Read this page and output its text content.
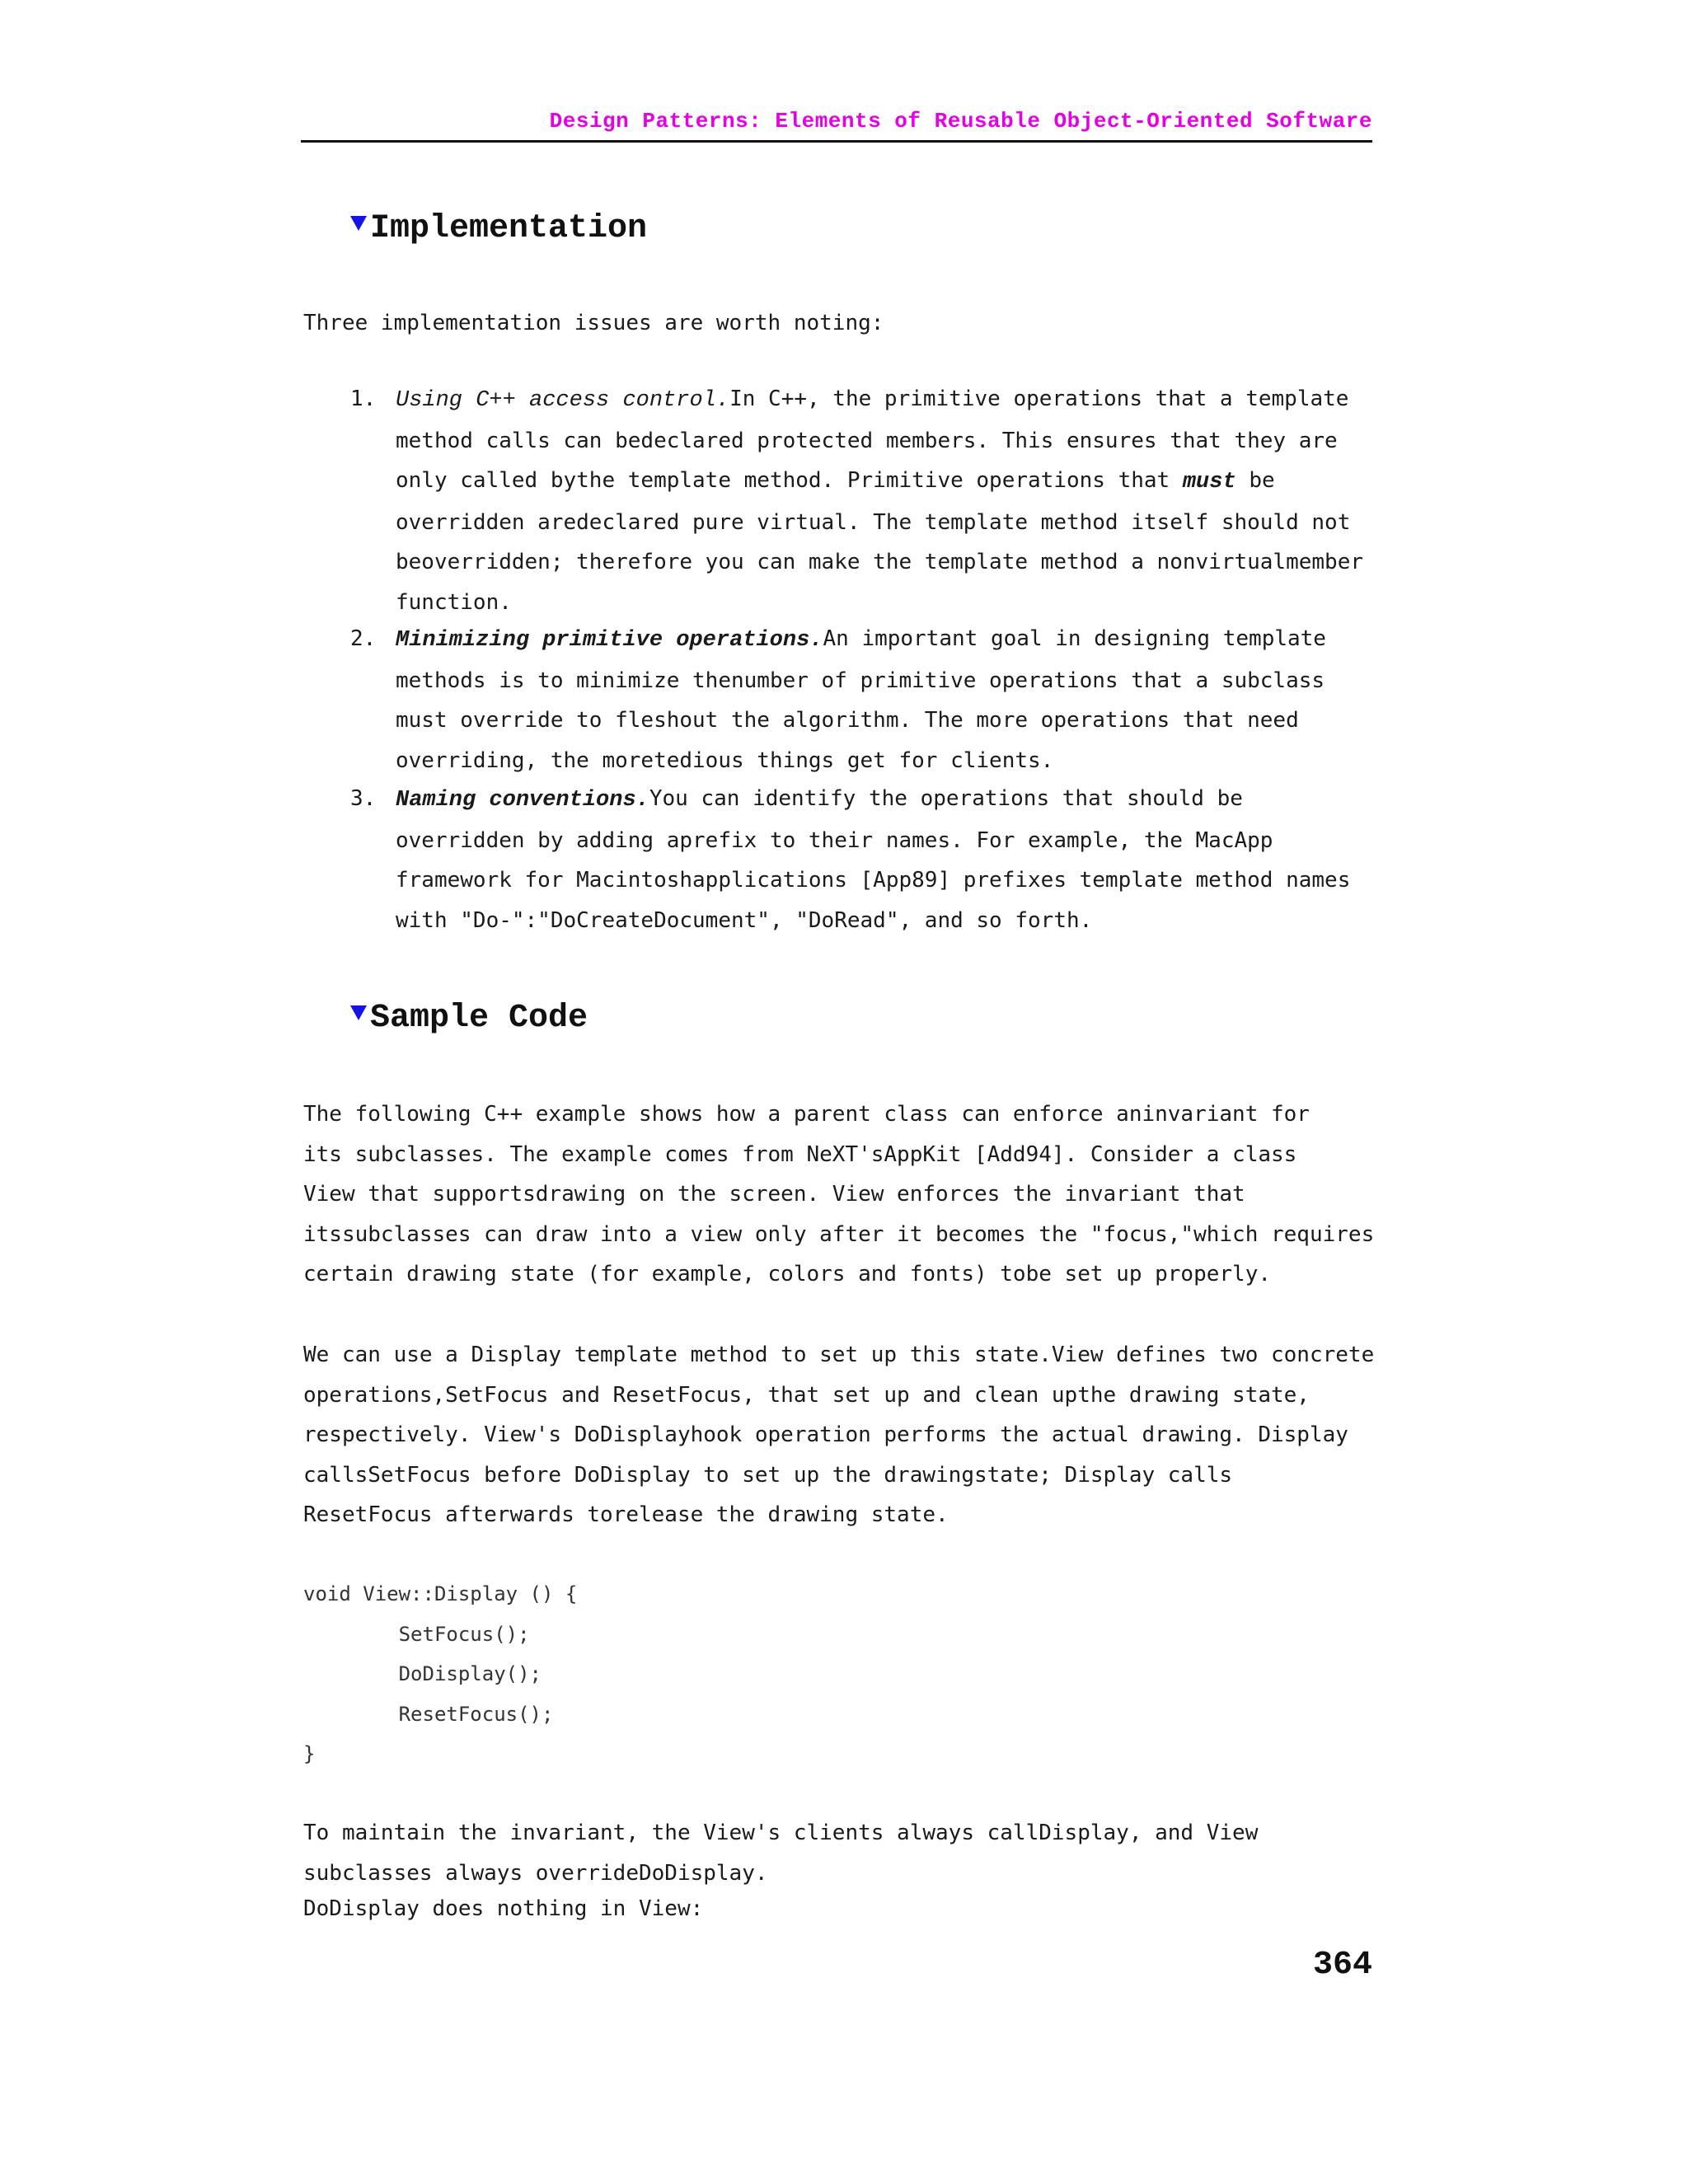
Design Patterns: Elements of Reusable Object-Oriented Software
Implementation

Three implementation issues are worth noting:

1. Using C++ access control.In C++, the primitive operations that a template
method calls can bedeclared protected members. This ensures that they are
only called bythe template method. Primitive operations that must be
overridden aredeclared pure virtual. The template method itself should not
beoverridden; therefore you can make the template method a nonvirtualmember
function.
2. Minimizing primitive operations.An important goal in designing template
methods is to minimize thenumber of primitive operations that a subclass
must override to fleshout the algorithm. The more operations that need
overriding, the moretedious things get for clients.
3. Naming conventions.You can identify the operations that should be
overridden by adding aprefix to their names. For example, the MacApp
framework for Macintoshapplications [App89] prefixes template method names
with "Do-":"DoCreateDocument", "DoRead", and so forth.
Sample Code

The following C++ example shows how a parent class can enforce aninvariant for
its subclasses. The example comes from NeXT'sAppKit [Add94]. Consider a class
View that supportsdrawing on the screen. View enforces the invariant that
itssubclasses can draw into a view only after it becomes the "focus,"which requires
certain drawing state (for example, colors and fonts) tobe set up properly.

We can use a Display template method to set up this state.View defines two concrete
operations,SetFocus and ResetFocus, that set up and clean upthe drawing state,
respectively. View's DoDisplayhook operation performs the actual drawing. Display
callsSetFocus before DoDisplay to set up the drawingstate; Display calls
ResetFocus afterwards torelease the drawing state.

void View::Display () {
SetFocus();
DoDisplay();
ResetFocus();
}

To maintain the invariant, the View's clients always callDisplay, and View
subclasses always overrideDoDisplay.

DoDisplay does nothing in View:

364
